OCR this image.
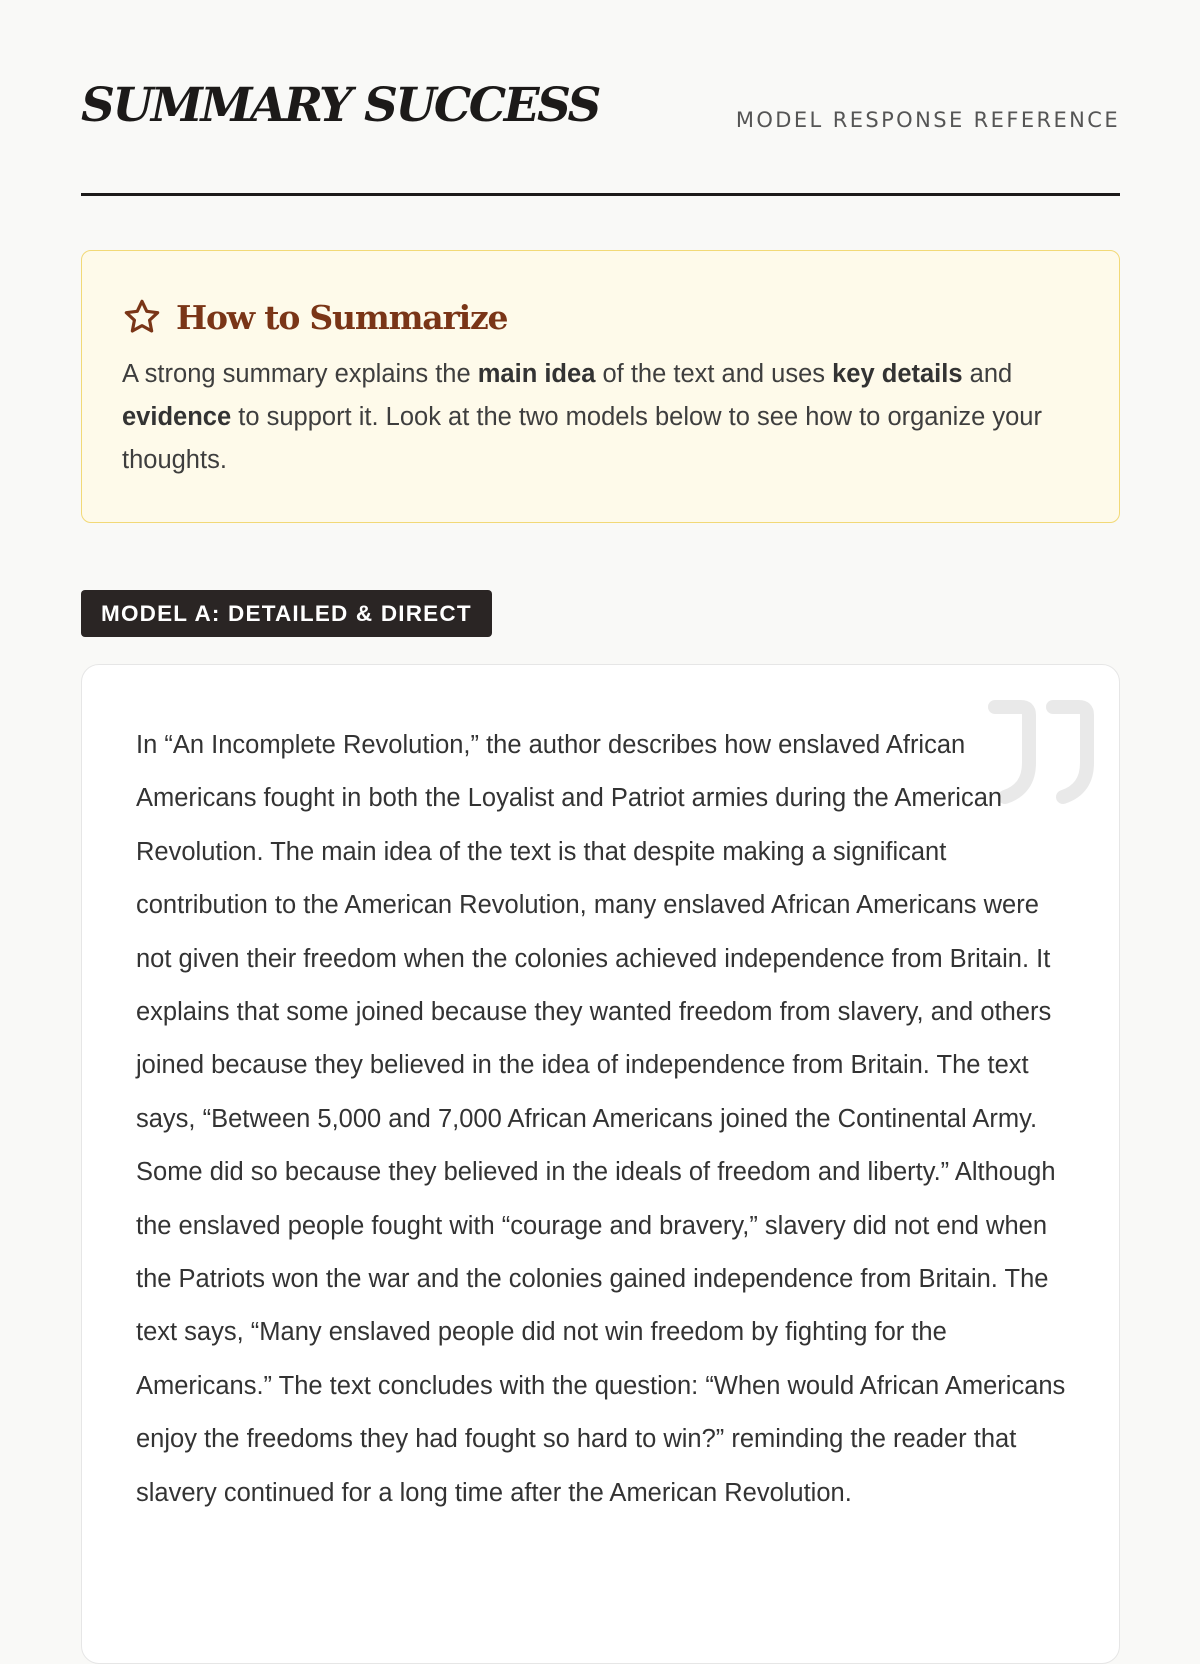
SUMMARY SUCCESS	MODEL RESPONSE REFERENCE
How to Summarize

A strong summary explains the main idea of the text and uses key details and evidence to support it. Look at the two models below to see how to organize your thoughts.

MODEL A: DETAILED & DIRECT

In “An Incomplete Revolution,” the author describes how enslaved African Americans fought in both the Loyalist and Patriot armies during the American Revolution. The main idea of the text is that despite making a significant contribution to the American Revolution, many enslaved African Americans were not given their freedom when the colonies achieved independence from Britain. It explains that some joined because they wanted freedom from slavery, and others joined because they believed in the idea of independence from Britain. The text says, “Between 5,000 and 7,000 African Americans joined the Continental Army. Some did so because they believed in the ideals of freedom and liberty.” Although the enslaved people fought with “courage and bravery,” slavery did not end when the Patriots won the war and the colonies gained independence from Britain. The text says, “Many enslaved people did not win freedom by fighting for the Americans.” The text concludes with the question: “When would African Americans enjoy the freedoms they had fought so hard to win?” reminding the reader that slavery continued for a long time after the American Revolution.
